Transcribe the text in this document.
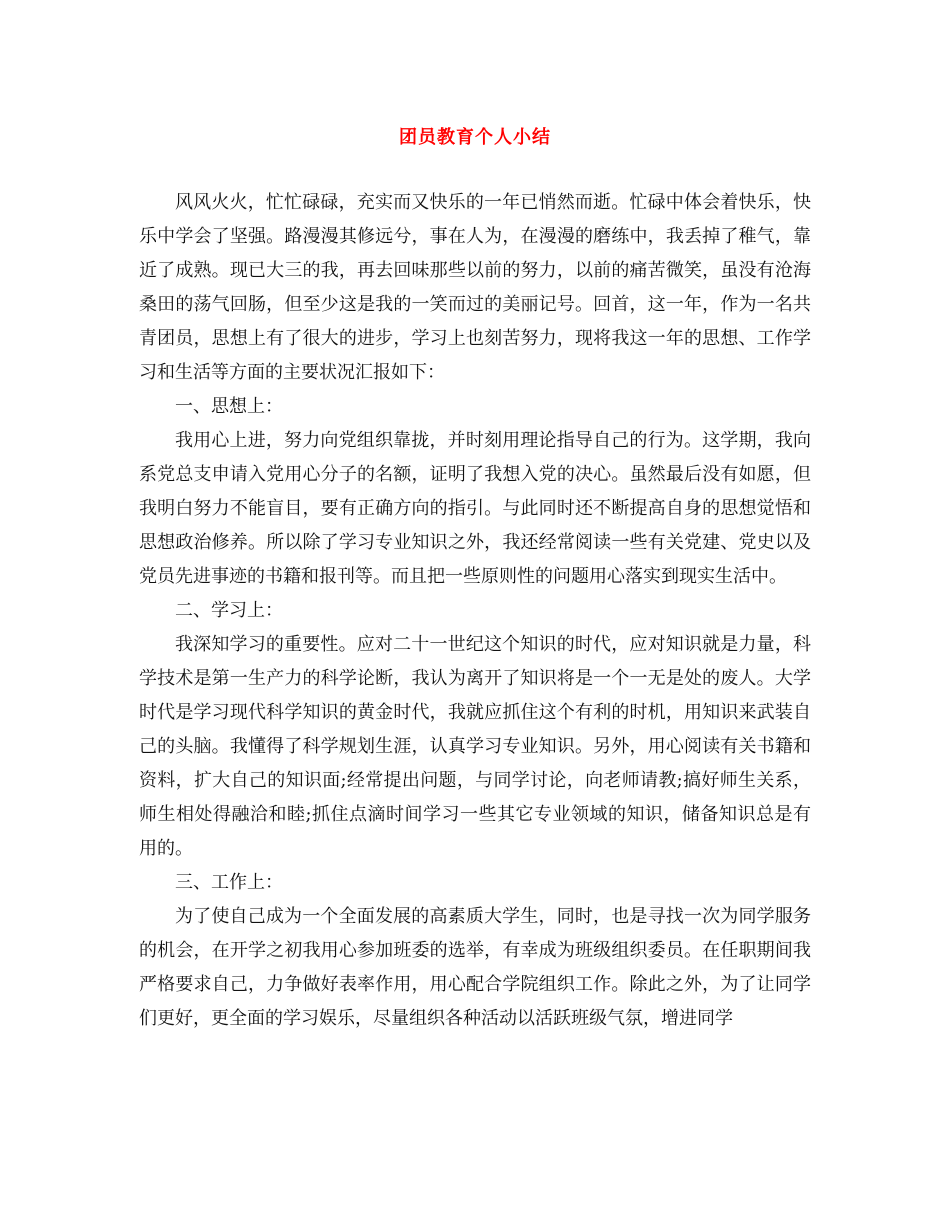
团员教育个人小结

风风火火，忙忙碌碌，充实而又快乐的一年已悄然而逝。忙碌中体会着快乐，快乐中学会了坚强。路漫漫其修远兮，事在人为，在漫漫的磨练中，我丢掉了稚气，靠近了成熟。现已大三的我，再去回味那些以前的努力，以前的痛苦微笑，虽没有沧海桑田的荡气回肠，但至少这是我的一笑而过的美丽记号。回首，这一年，作为一名共青团员，思想上有了很大的进步，学习上也刻苦努力，现将我这一年的思想、工作学习和生活等方面的主要状况汇报如下：

一、思想上：

我用心上进，努力向党组织靠拢，并时刻用理论指导自己的行为。这学期，我向系党总支申请入党用心分子的名额，证明了我想入党的决心。虽然最后没有如愿，但我明白努力不能盲目，要有正确方向的指引。与此同时还不断提高自身的思想觉悟和思想政治修养。所以除了学习专业知识之外，我还经常阅读一些有关党建、党史以及党员先进事迹的书籍和报刊等。而且把一些原则性的问题用心落实到现实生活中。

二、学习上：

我深知学习的重要性。应对二十一世纪这个知识的时代，应对知识就是力量，科学技术是第一生产力的科学论断，我认为离开了知识将是一个一无是处的废人。大学时代是学习现代科学知识的黄金时代，我就应抓住这个有利的时机，用知识来武装自己的头脑。我懂得了科学规划生涯，认真学习专业知识。另外，用心阅读有关书籍和资料，扩大自己的知识面;经常提出问题，与同学讨论，向老师请教;搞好师生关系，师生相处得融洽和睦;抓住点滴时间学习一些其它专业领域的知识，储备知识总是有用的。

三、工作上：

为了使自己成为一个全面发展的高素质大学生，同时，也是寻找一次为同学服务的机会，在开学之初我用心参加班委的选举，有幸成为班级组织委员。在任职期间我严格要求自己，力争做好表率作用，用心配合学院组织工作。除此之外，为了让同学们更好，更全面的学习娱乐，尽量组织各种活动以活跃班级气氛，增进同学
